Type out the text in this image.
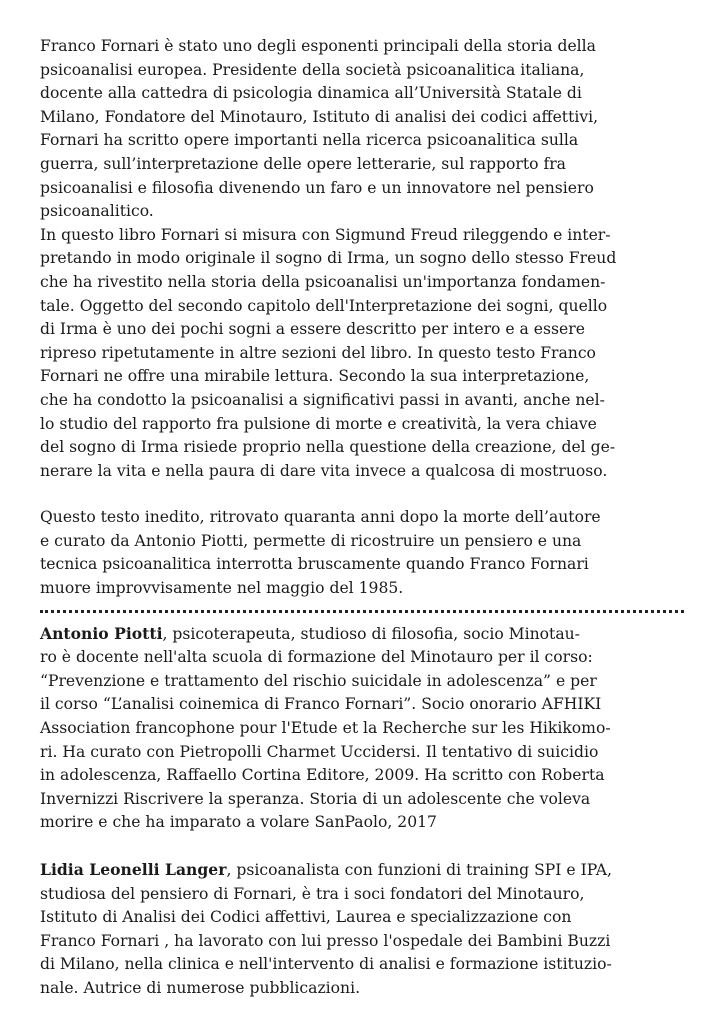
Franco Fornari è stato uno degli esponenti principali della storia della
psicoanalisi europea. Presidente della società psicoanalitica italiana,
docente alla cattedra di psicologia dinamica all’Università Statale di
Milano, Fondatore del Minotauro, Istituto di analisi dei codici affettivi,
Fornari ha scritto opere importanti nella ricerca psicoanalitica sulla
guerra, sull’interpretazione delle opere letterarie, sul rapporto fra
psicoanalisi e filosofia divenendo un faro e un innovatore nel pensiero
psicoanalitico.

In questo libro Fornari si misura con Sigmund Freud rileggendo e inter-
pretando in modo originale il sogno di Irma, un sogno dello stesso Freud
che ha rivestito nella storia della psicoanalisi un'importanza fondamen-
tale. Oggetto del secondo capitolo dell'Interpretazione dei sogni, quello
di Irma è uno dei pochi sogni a essere descritto per intero e a essere
ripreso ripetutamente in altre sezioni del libro. In questo testo Franco
Fornari ne offre una mirabile lettura. Secondo la sua interpretazione,
che ha condotto la psicoanalisi a significativi passi in avanti, anche nel-
lo studio del rapporto fra pulsione di morte e creatività, la vera chiave
del sogno di Irma risiede proprio nella questione della creazione, del ge-
nerare la vita e nella paura di dare vita invece a qualcosa di mostruoso.

Questo testo inedito, ritrovato quaranta anni dopo la morte dell’autore
e curato da Antonio Piotti, permette di ricostruire un pensiero e una
tecnica psicoanalitica interrotta bruscamente quando Franco Fornari
muore improvvisamente nel maggio del 1985.

Antonio Piotti, psicoterapeuta, studioso di filosofia, socio Minotau-
ro è docente nell'alta scuola di formazione del Minotauro per il corso:
“Prevenzione e trattamento del rischio suicidale in adolescenza” e per
il corso “L’analisi coinemica di Franco Fornari”. Socio onorario AFHIKI
Association francophone pour l'Etude et la Recherche sur les Hikikomo-
ri. Ha curato con Pietropolli Charmet Uccidersi. Il tentativo di suicidio
in adolescenza, Raffaello Cortina Editore, 2009. Ha scritto con Roberta
Invernizzi Riscrivere la speranza. Storia di un adolescente che voleva
morire e che ha imparato a volare SanPaolo, 2017

Lidia Leonelli Langer, psicoanalista con funzioni di training SPI e IPA,
studiosa del pensiero di Fornari, è tra i soci fondatori del Minotauro,
Istituto di Analisi dei Codici affettivi, Laurea e specializzazione con
Franco Fornari , ha lavorato con lui presso l'ospedale dei Bambini Buzzi
di Milano, nella clinica e nell'intervento di analisi e formazione istituzio-
nale. Autrice di numerose pubblicazioni.
